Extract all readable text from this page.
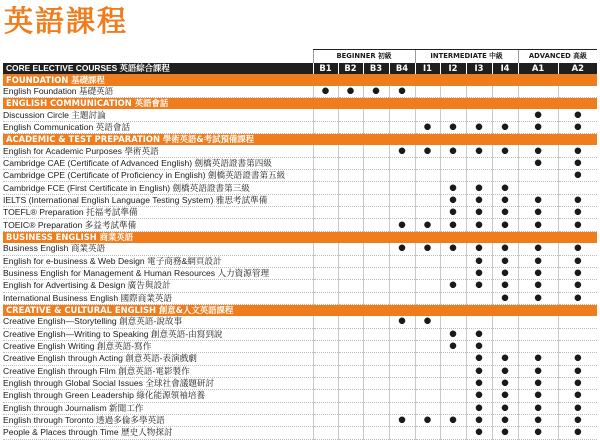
英語課程
	BEGINNER 初級				INTERMEDIATE 中級				ADVANCED 高級	
CORE ELECTIVE COURSES 英語綜合課程	B1	B2	B3	B4	I1	I2	I3	I4	A1	A2
FOUNDATION 基礎課程										
English Foundation 基礎英語	●	●	●	●						
ENGLISH COMMUNICATION 英語會話										
Discussion Circle 主題討論									●	●
English Communication 英語會話					●	●	●	●	●	●
ACADEMIC & TEST PREPARATION 學術英語&考試預備課程										
English for Academic Purposes 學術英語				●	●	●	●	●	●	●
Cambridge CAE (Certificate of Advanced English) 劍橋英語證書第四級									●	●
Cambridge CPE (Certificate of Proficiency in English) 劍橋英語證書第五級										●
Cambridge FCE (First Certificate in English) 劍橋英語證書第三級						●	●	●		
IELTS (International English Language Testing System) 雅思考試準備						●	●	●	●	●
TOEFL® Preparation 托福考試準備						●	●	●	●	●
TOEIC® Preparation 多益考試準備				●	●	●	●	●	●	●
BUSINESS ENGLISH 商業英語										
Business English 商業英語				●	●	●	●	●	●	●
English for e-business & Web Design 電子商務&網頁設計							●	●	●	●
Business English for Management & Human Resources 人力資源管理							●	●	●	●
English for Advertising & Design 廣告與設計						●	●	●	●	●
International Business English 國際商業英語								●	●	●
CREATIVE & CULTURAL ENGLISH 創意&人文英語課程										
Creative English—Storytelling 創意英語-說故事				●	●					
Creative English—Writing to Speaking 創意英語-由寫到說						●	●			
Creative English Writing 創意英語-寫作						●	●			
Creative English through Acting 創意英語-表演戲劇							●	●	●	●
Creative English through Film 創意英語-電影製作							●	●	●	●
English through Global Social Issues 全球社會議題研討							●	●	●	●
English through Green Leadership 綠化能源領袖培養							●	●	●	●
English through Journalism 新聞工作							●	●	●	●
English through Toronto 透過多倫多學英語				●	●	●	●	●	●	●
People & Places through Time 歷史人物探討							●	●	●	●
